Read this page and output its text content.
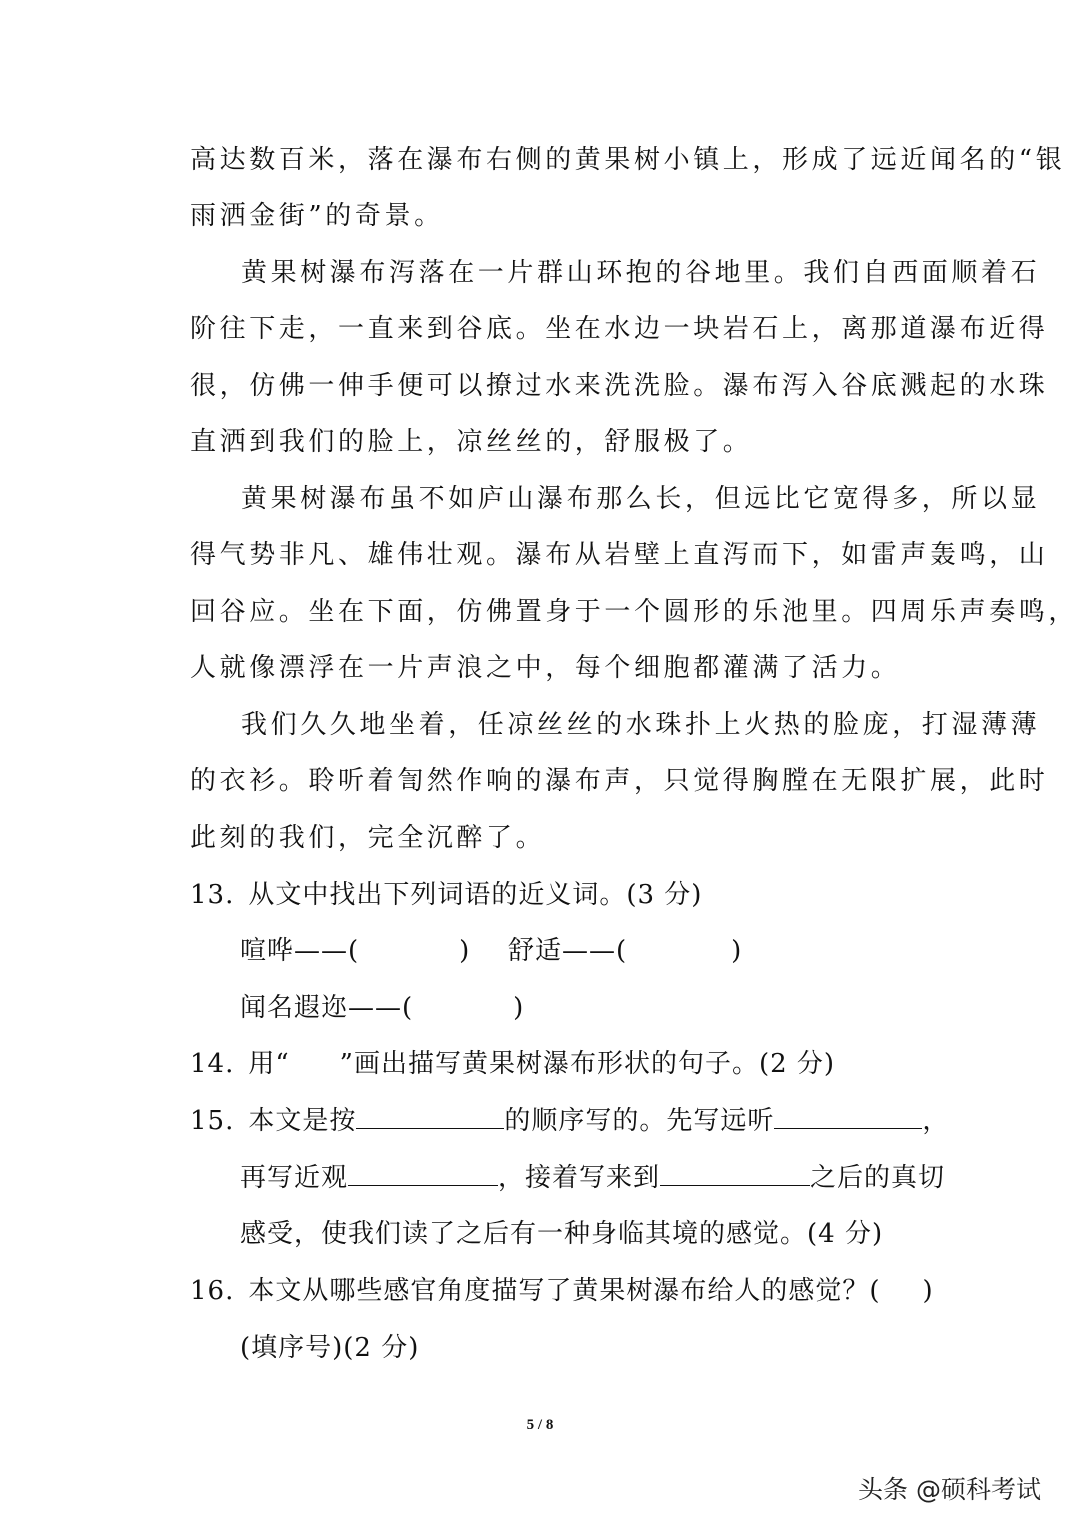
高达数百米，落在瀑布右侧的黄果树小镇上，形成了远近闻名的“银
雨洒金街”的奇景。
黄果树瀑布泻落在一片群山环抱的谷地里。我们自西面顺着石
阶往下走，一直来到谷底。坐在水边一块岩石上，离那道瀑布近得
很，仿佛一伸手便可以撩过水来洗洗脸。瀑布泻入谷底溅起的水珠
直洒到我们的脸上，凉丝丝的，舒服极了。
黄果树瀑布虽不如庐山瀑布那么长，但远比它宽得多，所以显
得气势非凡、雄伟壮观。瀑布从岩壁上直泻而下，如雷声轰鸣，山
回谷应。坐在下面，仿佛置身于一个圆形的乐池里。四周乐声奏鸣，
人就像漂浮在一片声浪之中，每个细胞都灌满了活力。
我们久久地坐着，任凉丝丝的水珠扑上火热的脸庞，打湿薄薄
的衣衫。聆听着訇然作响的瀑布声，只觉得胸膛在无限扩展，此时
此刻的我们，完全沉醉了。
13. 从文中找出下列词语的近义词。(3 分)
喧哗——(	) 舒适——(	)
闻名遐迩——(	)
14. 用“ ”画出描写黄果树瀑布形状的句子。(2 分)
15. 本文是按	的顺序写的。先写远听	，
再写近观	，接着写来到	之后的真切
感受，使我们读了之后有一种身临其境的感觉。(4 分)
16. 本文从哪些感官角度描写了黄果树瀑布给人的感觉？( )
(填序号)(2 分)
5 / 8
头条 @硕科考试
